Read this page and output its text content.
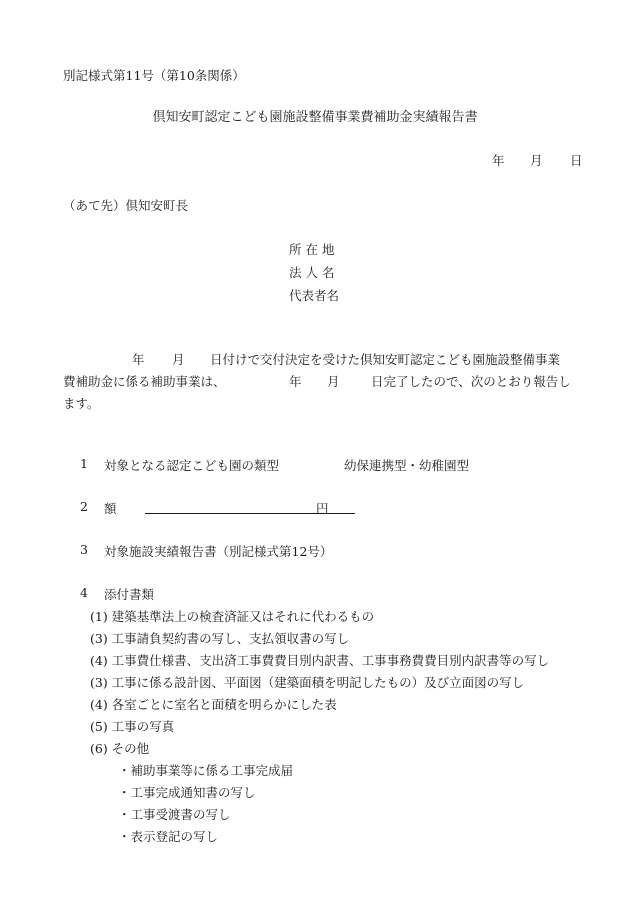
別記様式第11号（第10条関係）
倶知安町認定こども園施設整備事業費補助金実績報告書
年 月 日
（あて先）倶知安町長
所 在 地
法 人 名
代表者名
年 月 日付けで交付決定を受けた倶知安町認定こども園施設整備事業
費補助金に係る補助事業は、	年 月	日完了したので、次のとおり報告し
ます。
1 対象となる認定こども園の類型	幼保連携型・幼稚園型
2 額	円
3 対象施設実績報告書（別記様式第12号）
4 添付書類
(1) 建築基準法上の検査済証又はそれに代わるもの
(3) 工事請負契約書の写し、支払領収書の写し
(4) 工事費仕様書、支出済工事費費目別内訳書、工事事務費費目別内訳書等の写し
(3) 工事に係る設計図、平面図（建築面積を明記したもの）及び立面図の写し
(4) 各室ごとに室名と面積を明らかにした表
(5) 工事の写真
(6) その他
・補助事業等に係る工事完成届
・工事完成通知書の写し
・工事受渡書の写し
・表示登記の写し
